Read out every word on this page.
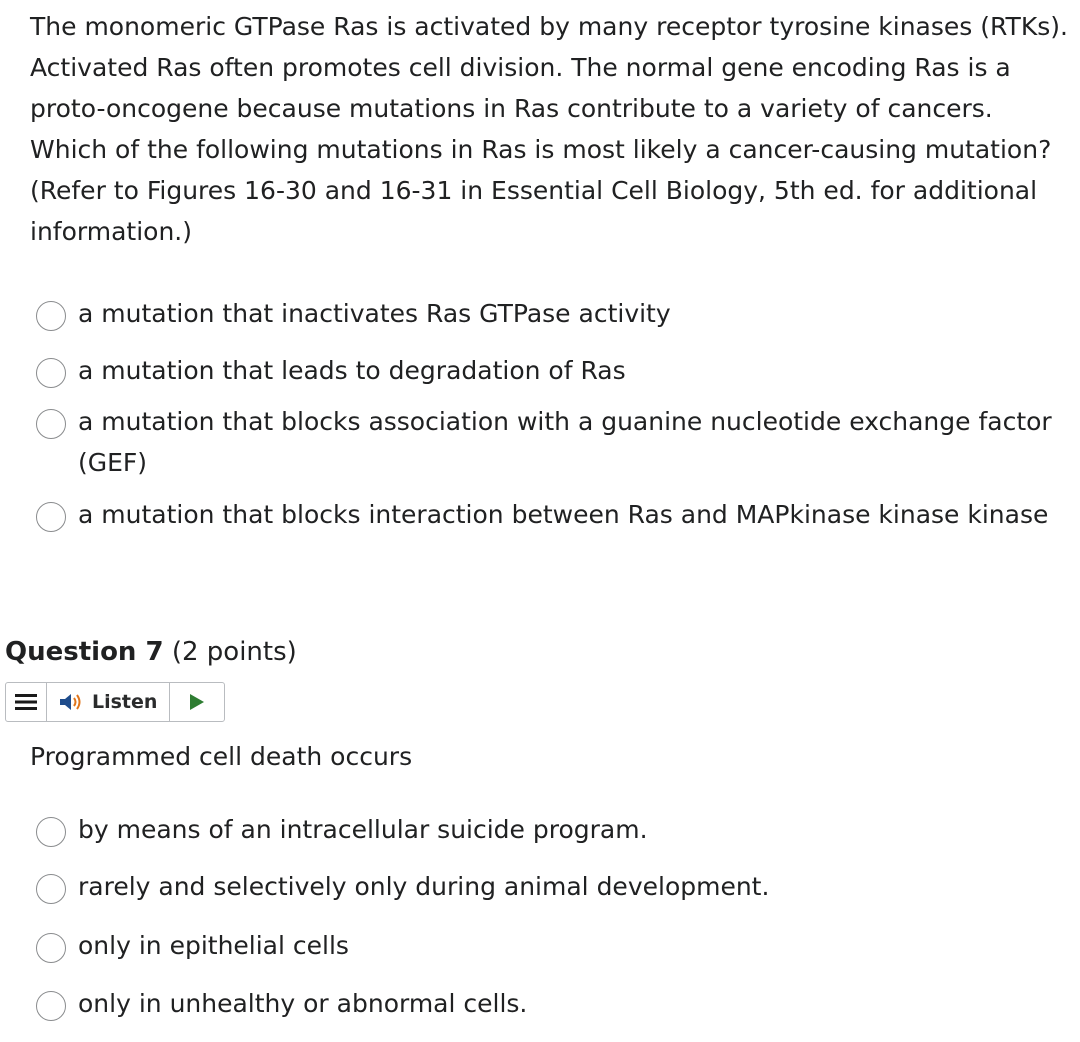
The monomeric GTPase Ras is activated by many receptor tyrosine kinases (RTKs). Activated Ras often promotes cell division. The normal gene encoding Ras is a proto-oncogene because mutations in Ras contribute to a variety of cancers. Which of the following mutations in Ras is most likely a cancer-causing mutation? (Refer to Figures 16-30 and 16-31 in Essential Cell Biology, 5th ed. for additional information.)

a mutation that inactivates Ras GTPase activity
a mutation that leads to degradation of Ras
a mutation that blocks association with a guanine nucleotide exchange factor (GEF)
a mutation that blocks interaction between Ras and MAPkinase kinase kinase
Question 7 (2 points)
Listen

Programmed cell death occurs

by means of an intracellular suicide program.
rarely and selectively only during animal development.
only in epithelial cells
only in unhealthy or abnormal cells.
